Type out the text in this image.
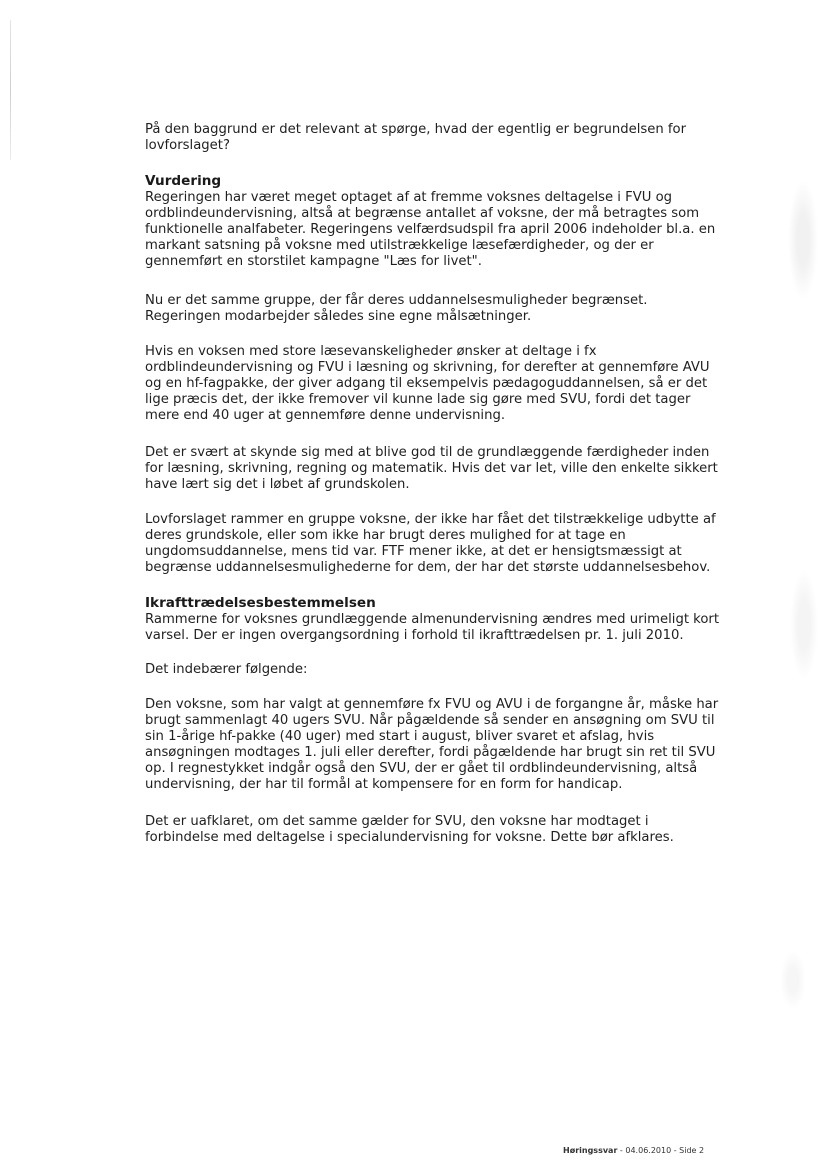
På den baggrund er det relevant at spørge, hvad der egentlig er begrundelsen for lovforslaget?

Vurdering

Regeringen har været meget optaget af at fremme voksnes deltagelse i FVU og ordblindeundervisning, altså at begrænse antallet af voksne, der må betragtes som funktionelle analfabeter. Regeringens velfærdsudspil fra april 2006 indeholder bl.a. en markant satsning på voksne med utilstrækkelige læsefærdigheder, og der er gennemført en storstilet kampagne "Læs for livet".

Nu er det samme gruppe, der får deres uddannelsesmuligheder begrænset. Regeringen modarbejder således sine egne målsætninger.

Hvis en voksen med store læsevanskeligheder ønsker at deltage i fx ordblindeundervisning og FVU i læsning og skrivning, for derefter at gennemføre AVU og en hf-fagpakke, der giver adgang til eksempelvis pædagoguddannelsen, så er det lige præcis det, der ikke fremover vil kunne lade sig gøre med SVU, fordi det tager mere end 40 uger at gennemføre denne undervisning.

Det er svært at skynde sig med at blive god til de grundlæggende færdigheder inden for læsning, skrivning, regning og matematik. Hvis det var let, ville den enkelte sikkert have lært sig det i løbet af grundskolen.

Lovforslaget rammer en gruppe voksne, der ikke har fået det tilstrækkelige udbytte af deres grundskole, eller som ikke har brugt deres mulighed for at tage en ungdomsuddannelse, mens tid var. FTF mener ikke, at det er hensigtsmæssigt at begrænse uddannelsesmulighederne for dem, der har det største uddannelsesbehov.

Ikrafttrædelsesbestemmelsen

Rammerne for voksnes grundlæggende almenundervisning ændres med urimeligt kort varsel. Der er ingen overgangsordning i forhold til ikrafttrædelsen pr. 1. juli 2010.

Det indebærer følgende:

Den voksne, som har valgt at gennemføre fx FVU og AVU i de forgangne år, måske har brugt sammenlagt 40 ugers SVU. Når pågældende så sender en ansøgning om SVU til sin 1-årige hf-pakke (40 uger) med start i august, bliver svaret et afslag, hvis ansøgningen modtages 1. juli eller derefter, fordi pågældende har brugt sin ret til SVU op. I regnestykket indgår også den SVU, der er gået til ordblindeundervisning, altså undervisning, der har til formål at kompensere for en form for handicap.

Det er uafklaret, om det samme gælder for SVU, den voksne har modtaget i forbindelse med deltagelse i specialundervisning for voksne. Dette bør afklares.

Høringssvar - 04.06.2010 - Side 2
